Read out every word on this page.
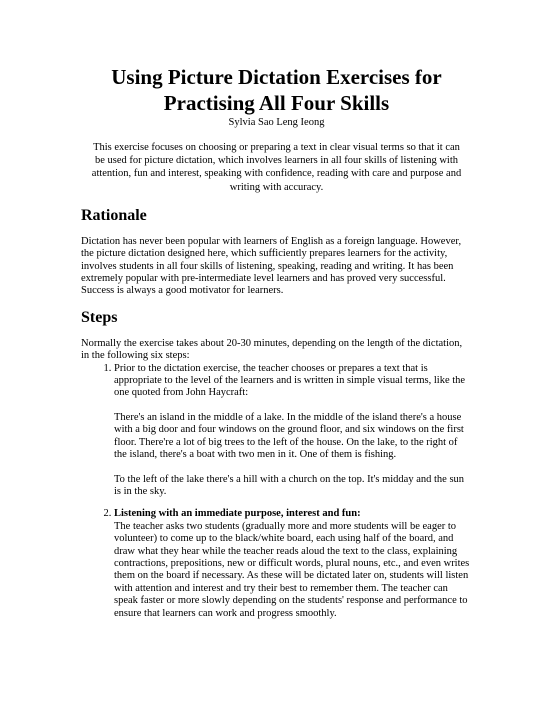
Using Picture Dictation Exercises for Practising All Four Skills
Sylvia Sao Leng Ieong

This exercise focuses on choosing or preparing a text in clear visual terms so that it can be used for picture dictation, which involves learners in all four skills of listening with attention, fun and interest, speaking with confidence, reading with care and purpose and writing with accuracy.

Rationale

Dictation has never been popular with learners of English as a foreign language. However, the picture dictation designed here, which sufficiently prepares learners for the activity, involves students in all four skills of listening, speaking, reading and writing. It has been extremely popular with pre-intermediate level learners and has proved very successful. Success is always a good motivator for learners.

Steps

Normally the exercise takes about 20-30 minutes, depending on the length of the dictation, in the following six steps:

1. Prior to the dictation exercise, the teacher chooses or prepares a text that is appropriate to the level of the learners and is written in simple visual terms, like the one quoted from John Haycraft:
There's an island in the middle of a lake. In the middle of the island there's a house with a big door and four windows on the ground floor, and six windows on the first floor. There're a lot of big trees to the left of the house. On the lake, to the right of the island, there's a boat with two men in it. One of them is fishing.
To the left of the lake there's a hill with a church on the top. It's midday and the sun is in the sky.
2. Listening with an immediate purpose, interest and fun:
The teacher asks two students (gradually more and more students will be eager to volunteer) to come up to the black/white board, each using half of the board, and draw what they hear while the teacher reads aloud the text to the class, explaining contractions, prepositions, new or difficult words, plural nouns, etc., and even writes them on the board if necessary. As these will be dictated later on, students will listen with attention and interest and try their best to remember them. The teacher can speak faster or more slowly depending on the students' response and performance to ensure that learners can work and progress smoothly.
